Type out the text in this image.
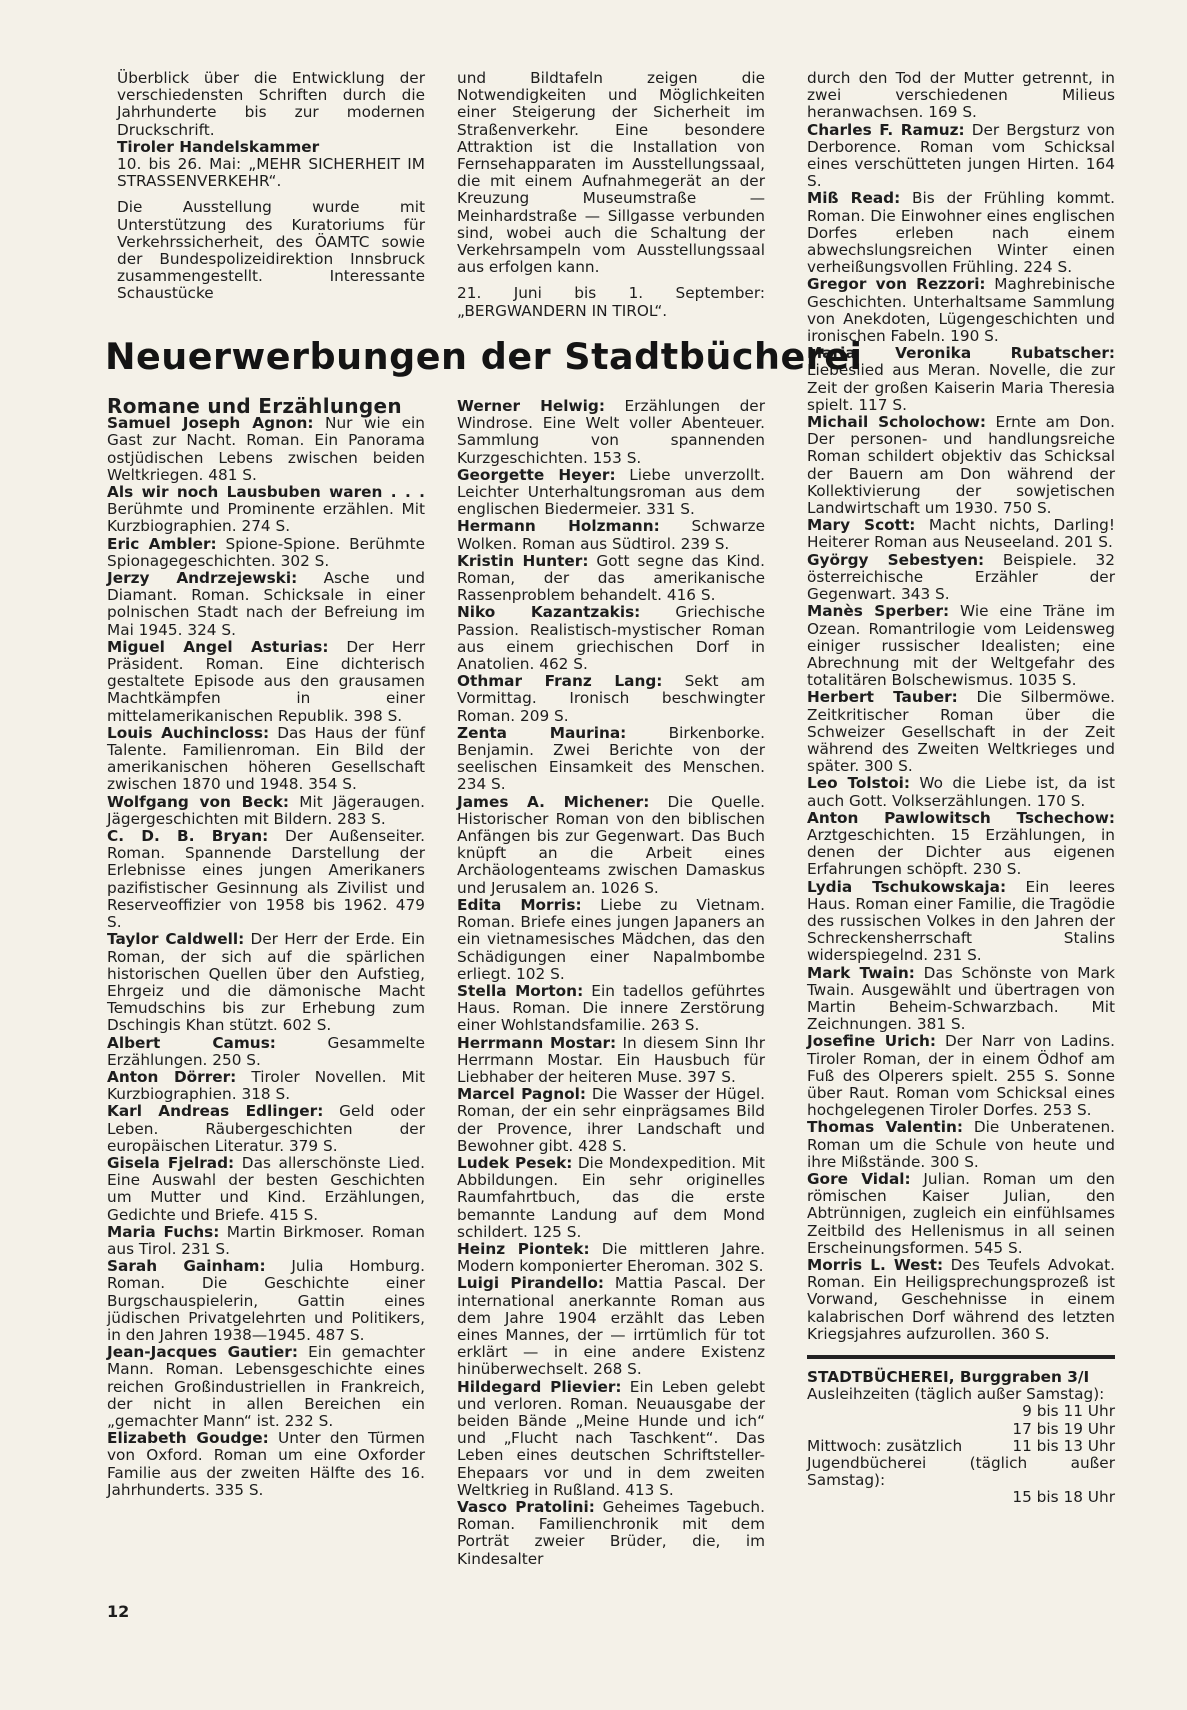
Überblick über die Entwicklung der verschiedensten Schriften durch die Jahrhunderte bis zur modernen Druckschrift.

Tiroler Handelskammer

10. bis 26. Mai: „MEHR SICHERHEIT IM STRASSENVERKEHR“.

Die Ausstellung wurde mit Unterstützung des Kuratoriums für Verkehrssicherheit, des ÖAMTC sowie der Bundespolizeidirektion Innsbruck zusammengestellt. Interessante Schaustücke

und Bildtafeln zeigen die Notwendigkeiten und Möglichkeiten einer Steigerung der Sicherheit im Straßenverkehr. Eine besondere Attraktion ist die Installation von Fernsehapparaten im Ausstellungssaal, die mit einem Aufnahmegerät an der Kreuzung Museumstraße — Meinhardstraße — Sillgasse verbunden sind, wobei auch die Schaltung der Verkehrsampeln vom Ausstellungssaal aus erfolgen kann.

21. Juni bis 1. September: „BERGWANDERN IN TIROL“.

durch den Tod der Mutter getrennt, in zwei verschiedenen Milieus heranwachsen. 169 S.

Charles F. Ramuz: Der Bergsturz von Derborence. Roman vom Schicksal eines verschütteten jungen Hirten. 164 S.

Miß Read: Bis der Frühling kommt. Roman. Die Einwohner eines englischen Dorfes erleben nach einem abwechslungsreichen Winter einen verheißungsvollen Frühling. 224 S.

Gregor von Rezzori: Maghrebinische Geschichten. Unterhaltsame Sammlung von Anekdoten, Lügengeschichten und ironischen Fabeln. 190 S.

Maria Veronika Rubatscher: Liebeslied aus Meran. Novelle, die zur Zeit der großen Kaiserin Maria Theresia spielt. 117 S.

Michail Scholochow: Ernte am Don. Der personen- und handlungsreiche Roman schildert objektiv das Schicksal der Bauern am Don während der Kollektivierung der sowjetischen Landwirtschaft um 1930. 750 S.

Mary Scott: Macht nichts, Darling! Heiterer Roman aus Neuseeland. 201 S.

György Sebestyen: Beispiele. 32 österreichische Erzähler der Gegenwart. 343 S.

Manès Sperber: Wie eine Träne im Ozean. Romantrilogie vom Leidensweg einiger russischer Idealisten; eine Abrechnung mit der Weltgefahr des totalitären Bolschewismus. 1035 S.

Herbert Tauber: Die Silbermöwe. Zeitkritischer Roman über die Schweizer Gesellschaft in der Zeit während des Zweiten Weltkrieges und später. 300 S.

Leo Tolstoi: Wo die Liebe ist, da ist auch Gott. Volkserzählungen. 170 S.

Anton Pawlowitsch Tschechow: Arztgeschichten. 15 Erzählungen, in denen der Dichter aus eigenen Erfahrungen schöpft. 230 S.

Lydia Tschukowskaja: Ein leeres Haus. Roman einer Familie, die Tragödie des russischen Volkes in den Jahren der Schreckensherrschaft Stalins widerspiegelnd. 231 S.

Mark Twain: Das Schönste von Mark Twain. Ausgewählt und übertragen von Martin Beheim-Schwarzbach. Mit Zeichnungen. 381 S.

Josefine Urich: Der Narr von Ladins. Tiroler Roman, der in einem Ödhof am Fuß des Olperers spielt. 255 S. Sonne über Raut. Roman vom Schicksal eines hochgelegenen Tiroler Dorfes. 253 S.

Thomas Valentin: Die Unberatenen. Roman um die Schule von heute und ihre Mißstände. 300 S.

Gore Vidal: Julian. Roman um den römischen Kaiser Julian, den Abtrünnigen, zugleich ein einfühlsames Zeitbild des Hellenismus in all seinen Erscheinungsformen. 545 S.

Morris L. West: Des Teufels Advokat. Roman. Ein Heiligsprechungsprozeß ist Vorwand, Geschehnisse in einem kalabrischen Dorf während des letzten Kriegsjahres aufzurollen. 360 S.

STADTBÜCHEREI, Burggraben 3/I

Ausleihzeiten (täglich außer Samstag):

9 bis 11 Uhr

17 bis 19 Uhr

Mittwoch: zusätzlich	11 bis 13 Uhr

Jugendbücherei (täglich außer Samstag):

15 bis 18 Uhr

Neuerwerbungen der Stadtbücherei

Romane und Erzählungen

Samuel Joseph Agnon: Nur wie ein Gast zur Nacht. Roman. Ein Panorama ostjüdischen Lebens zwischen beiden Weltkriegen. 481 S.

Als wir noch Lausbuben waren . . . Berühmte und Prominente erzählen. Mit Kurzbiographien. 274 S.

Eric Ambler: Spione-Spione. Berühmte Spionagegeschichten. 302 S.

Jerzy Andrzejewski: Asche und Diamant. Roman. Schicksale in einer polnischen Stadt nach der Befreiung im Mai 1945. 324 S.

Miguel Angel Asturias: Der Herr Präsident. Roman. Eine dichterisch gestaltete Episode aus den grausamen Machtkämpfen in einer mittelamerikanischen Republik. 398 S.

Louis Auchincloss: Das Haus der fünf Talente. Familienroman. Ein Bild der amerikanischen höheren Gesellschaft zwischen 1870 und 1948. 354 S.

Wolfgang von Beck: Mit Jägeraugen. Jägergeschichten mit Bildern. 283 S.

C. D. B. Bryan: Der Außenseiter. Roman. Spannende Darstellung der Erlebnisse eines jungen Amerikaners pazifistischer Gesinnung als Zivilist und Reserveoffizier von 1958 bis 1962. 479 S.

Taylor Caldwell: Der Herr der Erde. Ein Roman, der sich auf die spärlichen historischen Quellen über den Aufstieg, Ehrgeiz und die dämonische Macht Temudschins bis zur Erhebung zum Dschingis Khan stützt. 602 S.

Albert Camus: Gesammelte Erzählungen. 250 S.

Anton Dörrer: Tiroler Novellen. Mit Kurzbiographien. 318 S.

Karl Andreas Edlinger: Geld oder Leben. Räubergeschichten der europäischen Literatur. 379 S.

Gisela Fjelrad: Das allerschönste Lied. Eine Auswahl der besten Geschichten um Mutter und Kind. Erzählungen, Gedichte und Briefe. 415 S.

Maria Fuchs: Martin Birkmoser. Roman aus Tirol. 231 S.

Sarah Gainham: Julia Homburg. Roman. Die Geschichte einer Burgschauspielerin, Gattin eines jüdischen Privatgelehrten und Politikers, in den Jahren 1938—1945. 487 S.

Jean-Jacques Gautier: Ein gemachter Mann. Roman. Lebensgeschichte eines reichen Großindustriellen in Frankreich, der nicht in allen Bereichen ein „gemachter Mann“ ist. 232 S.

Elizabeth Goudge: Unter den Türmen von Oxford. Roman um eine Oxforder Familie aus der zweiten Hälfte des 16. Jahrhunderts. 335 S.

Werner Helwig: Erzählungen der Windrose. Eine Welt voller Abenteuer. Sammlung von spannenden Kurzgeschichten. 153 S.

Georgette Heyer: Liebe unverzollt. Leichter Unterhaltungsroman aus dem englischen Biedermeier. 331 S.

Hermann Holzmann: Schwarze Wolken. Roman aus Südtirol. 239 S.

Kristin Hunter: Gott segne das Kind. Roman, der das amerikanische Rassenproblem behandelt. 416 S.

Niko Kazantzakis: Griechische Passion. Realistisch-mystischer Roman aus einem griechischen Dorf in Anatolien. 462 S.

Othmar Franz Lang: Sekt am Vormittag. Ironisch beschwingter Roman. 209 S.

Zenta Maurina: Birkenborke. Benjamin. Zwei Berichte von der seelischen Einsamkeit des Menschen. 234 S.

James A. Michener: Die Quelle. Historischer Roman von den biblischen Anfängen bis zur Gegenwart. Das Buch knüpft an die Arbeit eines Archäologenteams zwischen Damaskus und Jerusalem an. 1026 S.

Edita Morris: Liebe zu Vietnam. Roman. Briefe eines jungen Japaners an ein vietnamesisches Mädchen, das den Schädigungen einer Napalmbombe erliegt. 102 S.

Stella Morton: Ein tadellos geführtes Haus. Roman. Die innere Zerstörung einer Wohlstandsfamilie. 263 S.

Herrmann Mostar: In diesem Sinn Ihr Herrmann Mostar. Ein Hausbuch für Liebhaber der heiteren Muse. 397 S.

Marcel Pagnol: Die Wasser der Hügel. Roman, der ein sehr einprägsames Bild der Provence, ihrer Landschaft und Bewohner gibt. 428 S.

Ludek Pesek: Die Mondexpedition. Mit Abbildungen. Ein sehr originelles Raumfahrtbuch, das die erste bemannte Landung auf dem Mond schildert. 125 S.

Heinz Piontek: Die mittleren Jahre. Modern komponierter Eheroman. 302 S.

Luigi Pirandello: Mattia Pascal. Der international anerkannte Roman aus dem Jahre 1904 erzählt das Leben eines Mannes, der — irrtümlich für tot erklärt — in eine andere Existenz hinüberwechselt. 268 S.

Hildegard Plievier: Ein Leben gelebt und verloren. Roman. Neuausgabe der beiden Bände „Meine Hunde und ich“ und „Flucht nach Taschkent“. Das Leben eines deutschen Schriftsteller-Ehepaars vor und in dem zweiten Weltkrieg in Rußland. 413 S.

Vasco Pratolini: Geheimes Tagebuch. Roman. Familienchronik mit dem Porträt zweier Brüder, die, im Kindesalter

12
